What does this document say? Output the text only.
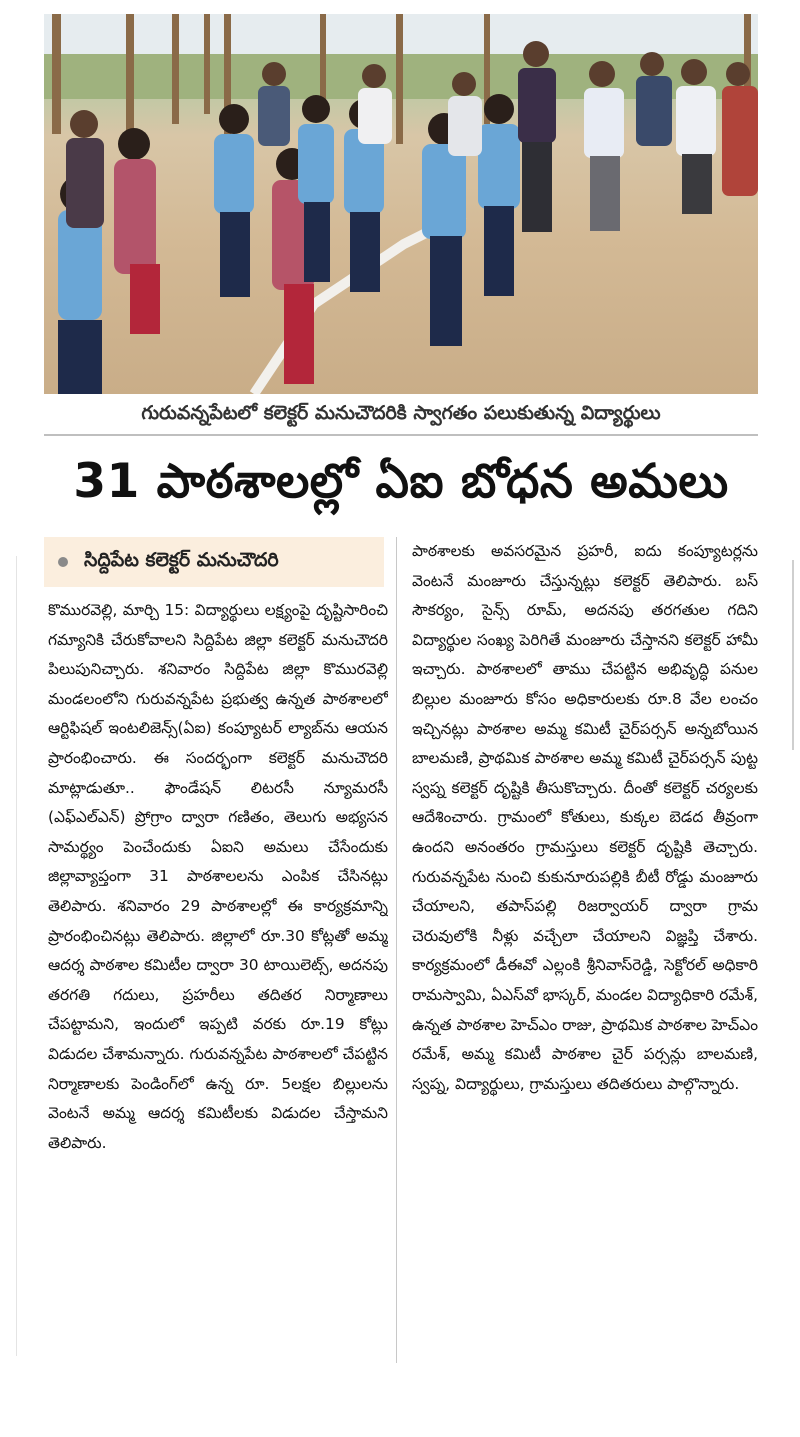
గురువన్నపేటలో కలెక్టర్ మనుచౌదరికి స్వాగతం పలుకుతున్న విద్యార్థులు
31 పాఠశాలల్లో ఏఐ బోధన అమలు
సిద్దిపేట కలెక్టర్ మనుచౌదరి
కొమురవెల్లి, మార్చి 15: విద్యార్థులు లక్ష్యంపై దృష్టిసారించి గమ్యానికి చేరుకోవాలని సిద్దిపేట జిల్లా కలెక్టర్ మనుచౌదరి పిలుపునిచ్చారు. శనివారం సిద్దిపేట జిల్లా కొమురవెల్లి మండలంలోని గురువన్నపేట ప్రభుత్వ ఉన్నత పాఠశాలలో ఆర్టిఫిషల్ ఇంటలిజెన్స్(ఏఐ) కంప్యూటర్ ల్యాబ్‌ను ఆయన ప్రారంభించారు. ఈ సందర్భంగా కలెక్టర్ మనుచౌదరి మాట్లాడుతూ.. ఫౌండేషన్ లిటరసీ న్యూమరసీ (ఎఫ్ఎల్ఎన్) ప్రోగ్రాం ద్వారా గణితం, తెలుగు అభ్యసన సామర్థ్యం పెంచేందుకు ఏఐని అమలు చేసేందుకు జిల్లావ్యాప్తంగా 31 పాఠశాలలను ఎంపిక చేసినట్లు తెలిపారు. శనివారం 29 పాఠశాలల్లో ఈ కార్యక్రమాన్ని ప్రారంభించినట్లు తెలిపారు. జిల్లాలో రూ.30 కోట్లతో అమ్మ ఆదర్శ పాఠశాల కమిటీల ద్వారా 30 టాయిలెట్స్, అదనపు తరగతి గదులు, ప్రహరీలు తదితర నిర్మాణాలు చేపట్టామని, ఇందులో ఇప్పటి వరకు రూ.19 కోట్లు విడుదల చేశామన్నారు. గురువన్నపేట పాఠశాలలో చేపట్టిన నిర్మాణాలకు పెండింగ్‌లో ఉన్న రూ. 5లక్షల బిల్లులను వెంటనే అమ్మ ఆదర్శ కమిటీలకు విడుదల చేస్తామని తెలిపారు.
పాఠశాలకు అవసరమైన ప్రహరీ, ఐదు కంప్యూటర్లను వెంటనే మంజూరు చేస్తున్నట్లు కలెక్టర్ తెలిపారు. బస్ సౌకర్యం, సైన్స్ రూమ్, అదనపు తరగతుల గదిని విద్యార్థుల సంఖ్య పెరిగితే మంజూరు చేస్తానని కలెక్టర్ హామీ ఇచ్చారు. పాఠశాలలో తాము చేపట్టిన అభివృద్ధి పనుల బిల్లుల మంజూరు కోసం అధికారులకు రూ.8 వేల లంచం ఇచ్చినట్లు పాఠశాల అమ్మ కమిటీ చైర్‌పర్సన్ అన్నబోయిన బాలమణి, ప్రాథమిక పాఠశాల అమ్మ కమిటీ చైర్‌పర్సన్ పుట్ట స్వప్న కలెక్టర్ దృష్టికి తీసుకొచ్చారు. దీంతో కలెక్టర్ చర్యలకు ఆదేశించారు. గ్రామంలో కోతులు, కుక్కల బెడద తీవ్రంగా ఉందని అనంతరం గ్రామస్తులు కలెక్టర్ దృష్టికి తెచ్చారు. గురువన్నపేట నుంచి కుకునూరుపల్లికి బీటీ రోడ్డు మంజూరు చేయాలని, తపాస్‌పల్లి రిజర్వాయర్ ద్వారా గ్రామ చెరువులోకి నీళ్లు వచ్చేలా చేయాలని విజ్ఞప్తి చేశారు. కార్యక్రమంలో డీఈవో ఎల్లంకి శ్రీనివాస్‌రెడ్డి, సెక్టోరల్ అధికారి రామస్వామి, ఏఎస్‌వో భాస్కర్, మండల విద్యాధికారి రమేశ్, ఉన్నత పాఠశాల హెచ్ఎం రాజు, ప్రాథమిక పాఠశాల హెచ్ఎం రమేశ్, అమ్మ కమిటీ పాఠశాల చైర్ పర్సన్లు బాలమణి, స్వప్న, విద్యార్థులు, గ్రామస్తులు తదితరులు పాల్గొన్నారు.
